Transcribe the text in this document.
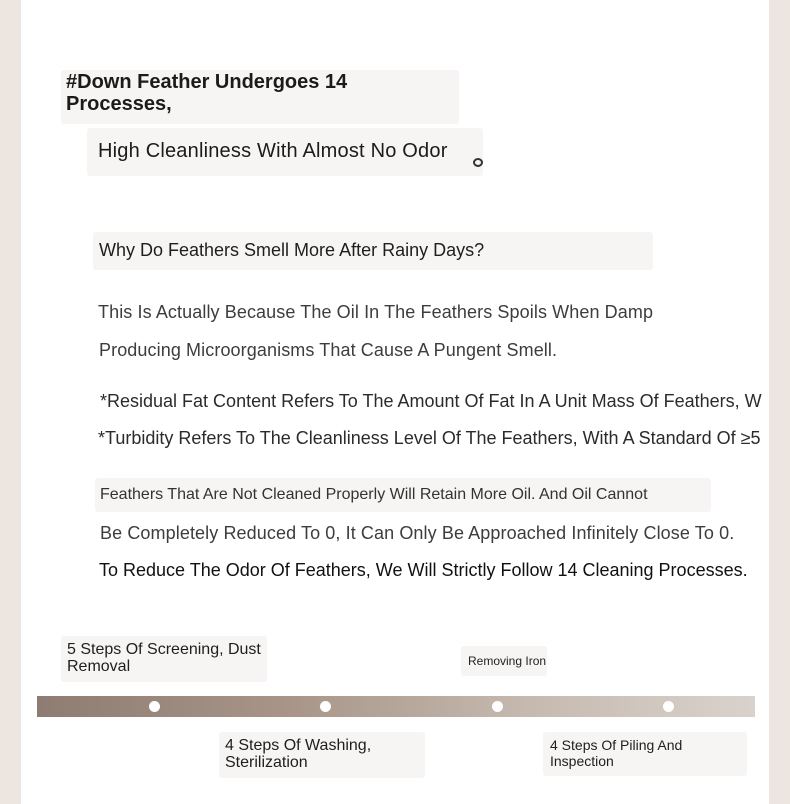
#Down Feather Undergoes 14 Processes,
High Cleanliness With Almost No Odor
Why Do Feathers Smell More After Rainy Days?
This Is Actually Because The Oil In The Feathers Spoils When Damp
Producing Microorganisms That Cause A Pungent Smell.
*Residual Fat Content Refers To The Amount Of Fat In A Unit Mass Of Feathers, W
*Turbidity Refers To The Cleanliness Level Of The Feathers, With A Standard Of ≥5
Feathers That Are Not Cleaned Properly Will Retain More Oil. And Oil Cannot
Be Completely Reduced To 0, It Can Only Be Approached Infinitely Close To 0.
To Reduce The Odor Of Feathers, We Will Strictly Follow 14 Cleaning Processes.
5 Steps Of Screening, Dust Removal	Removing Iron
4 Steps Of Washing, Sterilization
4 Steps Of Piling And Inspection
